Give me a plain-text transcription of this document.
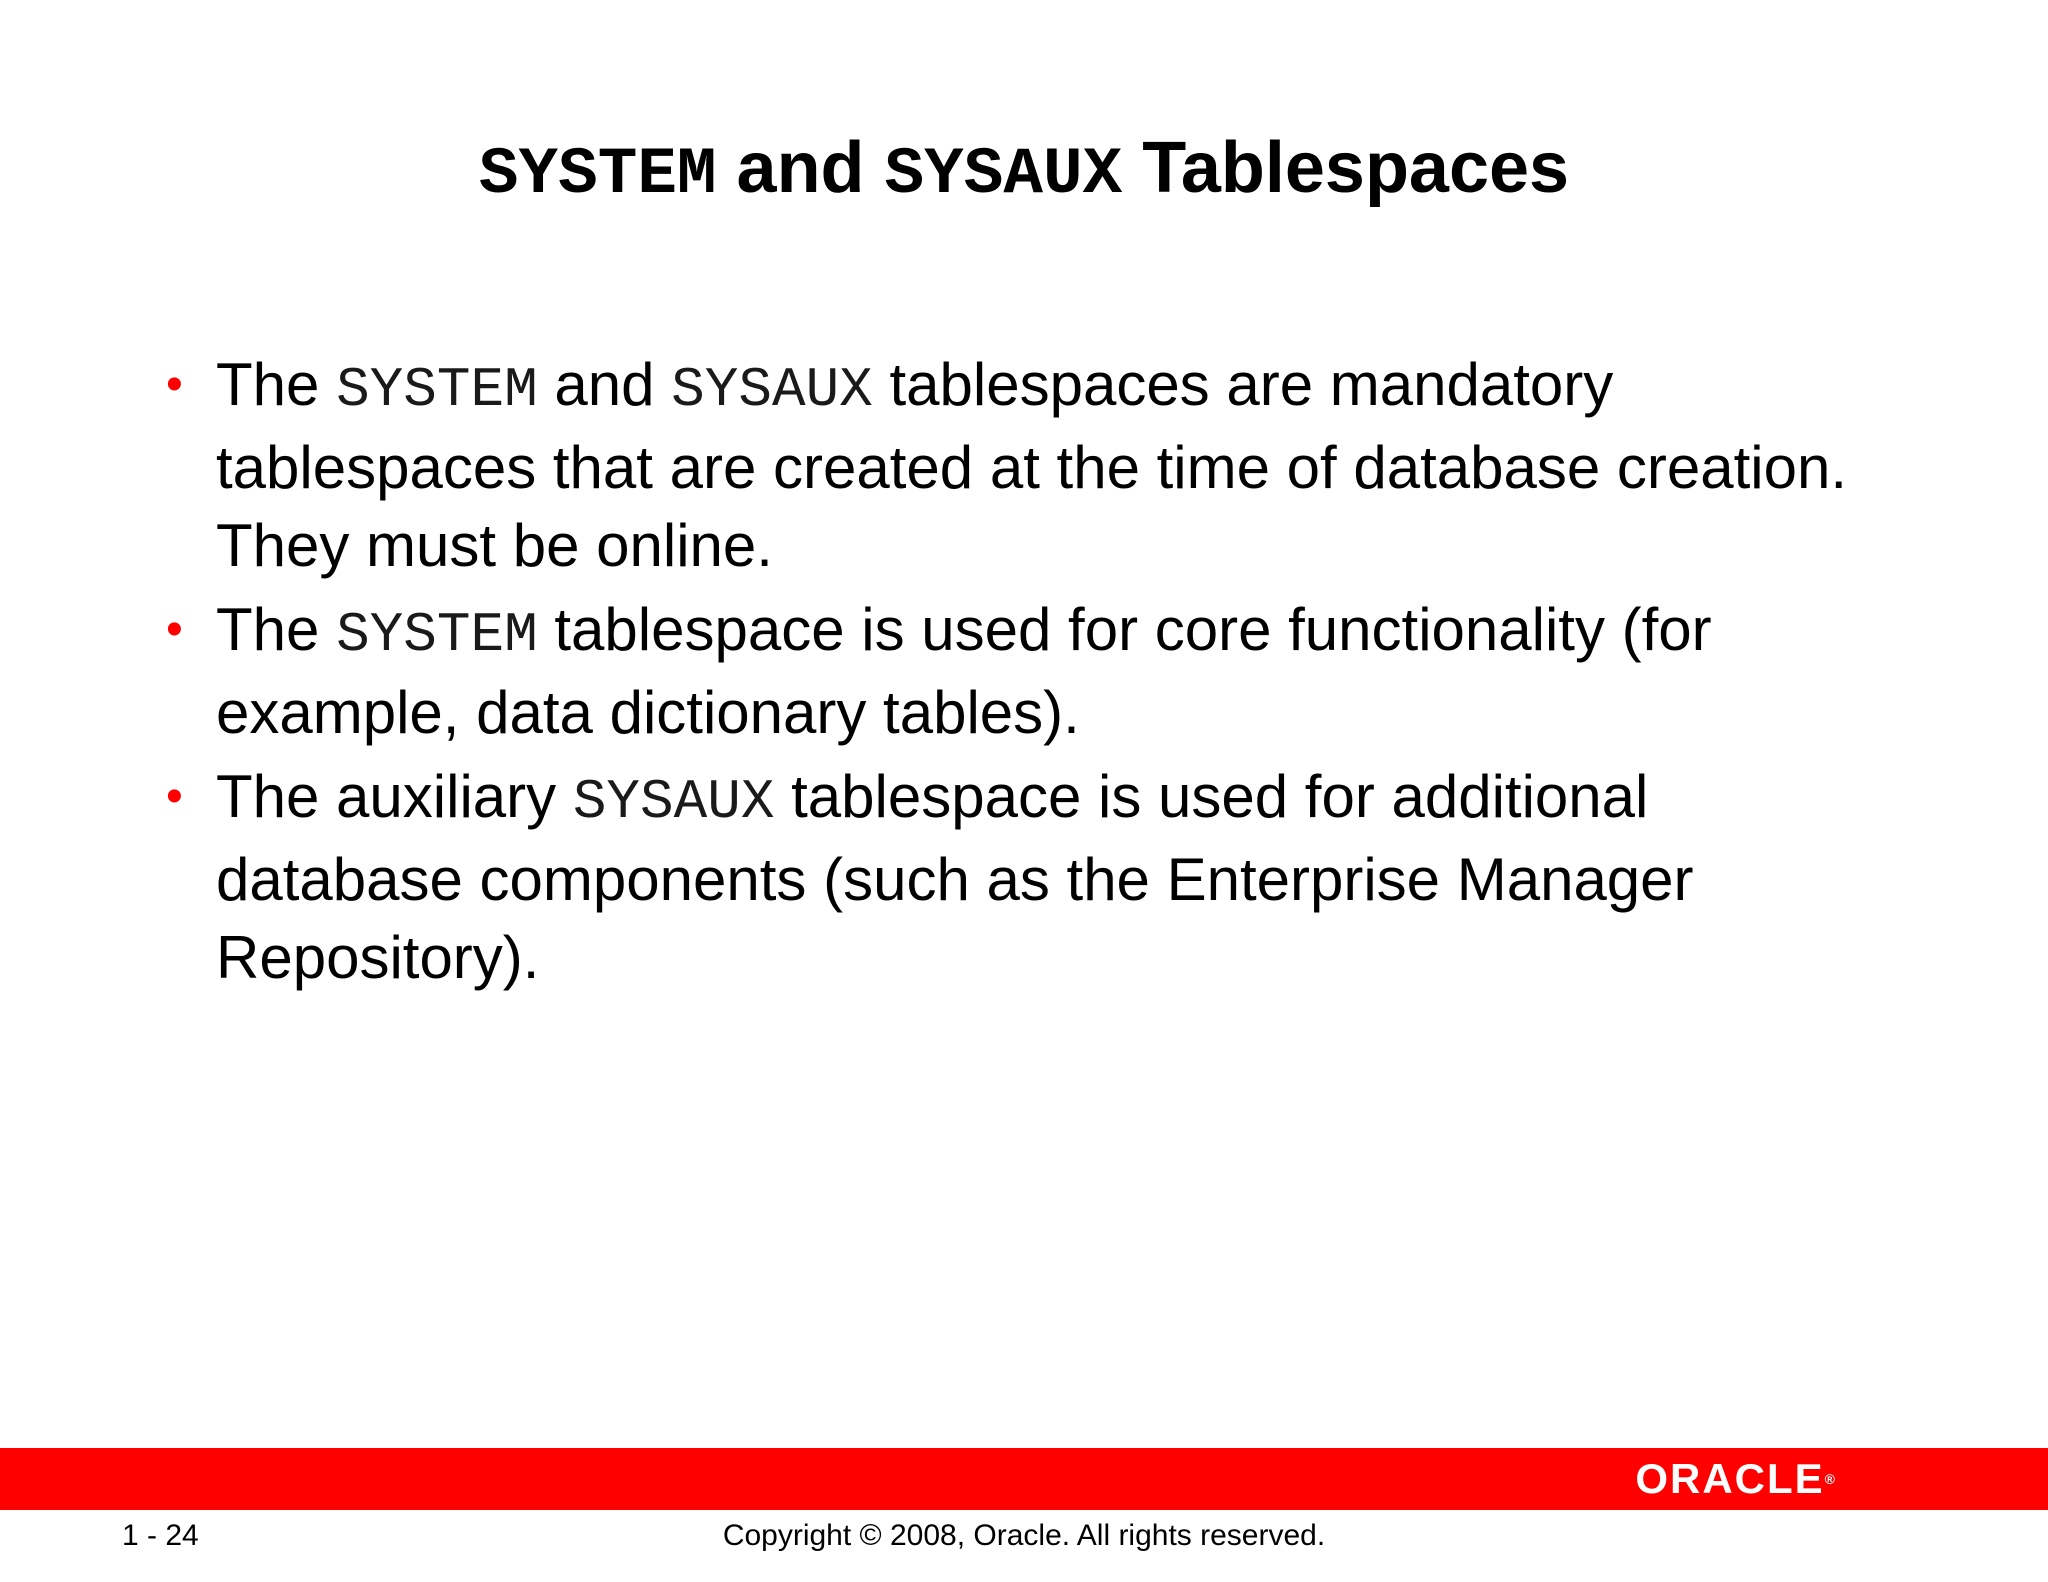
SYSTEM and SYSAUX Tablespaces
• The SYSTEM and SYSAUX tablespaces are mandatory tablespaces that are created at the time of database creation. They must be online.
• The SYSTEM tablespace is used for core functionality (for example, data dictionary tables).
• The auxiliary SYSAUX tablespace is used for additional database components (such as the Enterprise Manager Repository).
ORACLE®
1 - 24	Copyright © 2008, Oracle. All rights reserved.
